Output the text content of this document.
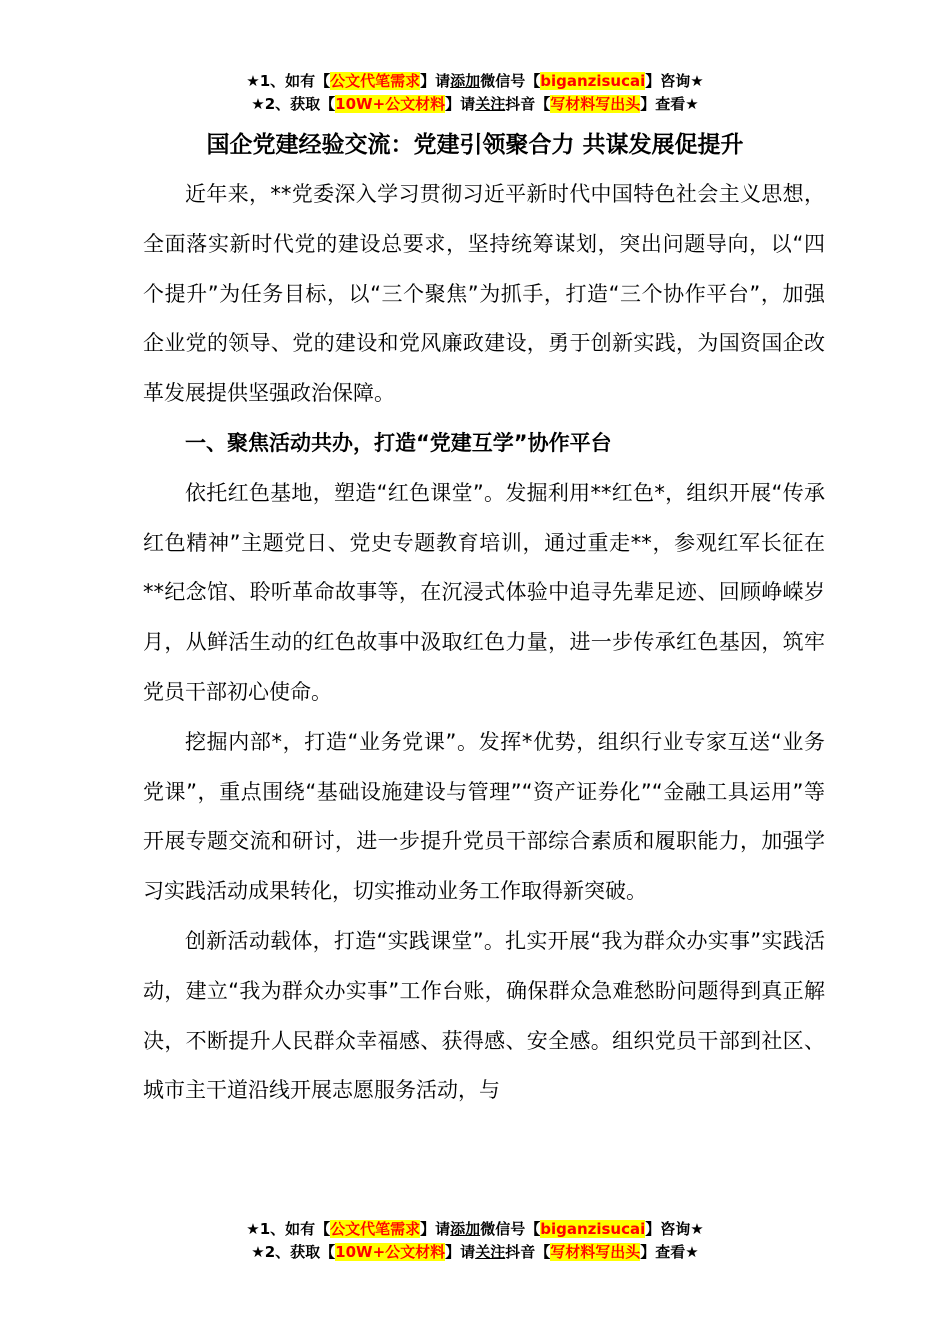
★1、如有【公文代笔需求】请添加微信号【biganzisucai】咨询★
★2、获取【10W+公文材料】请关注抖音【写材料写出头】查看★
国企党建经验交流：党建引领聚合力 共谋发展促提升

近年来，**党委深入学习贯彻习近平新时代中国特色社会主义思想，全面落实新时代党的建设总要求，坚持统筹谋划，突出问题导向，以“四个提升”为任务目标，以“三个聚焦”为抓手，打造“三个协作平台”，加强企业党的领导、党的建设和党风廉政建设，勇于创新实践，为国资国企改革发展提供坚强政治保障。

一、聚焦活动共办，打造“党建互学”协作平台

依托红色基地，塑造“红色课堂”。发掘利用**红色*，组织开展“传承红色精神”主题党日、党史专题教育培训，通过重走**，参观红军长征在**纪念馆、聆听革命故事等，在沉浸式体验中追寻先辈足迹、回顾峥嵘岁月，从鲜活生动的红色故事中汲取红色力量，进一步传承红色基因，筑牢党员干部初心使命。

挖掘内部*，打造“业务党课”。发挥*优势，组织行业专家互送“业务党课”，重点围绕“基础设施建设与管理”“资产证券化”“金融工具运用”等开展专题交流和研讨，进一步提升党员干部综合素质和履职能力，加强学习实践活动成果转化，切实推动业务工作取得新突破。

创新活动载体，打造“实践课堂”。扎实开展“我为群众办实事”实践活动，建立“我为群众办实事”工作台账，确保群众急难愁盼问题得到真正解决，不断提升人民群众幸福感、获得感、安全感。组织党员干部到社区、城市主干道沿线开展志愿服务活动，与

★1、如有【公文代笔需求】请添加微信号【biganzisucai】咨询★
★2、获取【10W+公文材料】请关注抖音【写材料写出头】查看★
